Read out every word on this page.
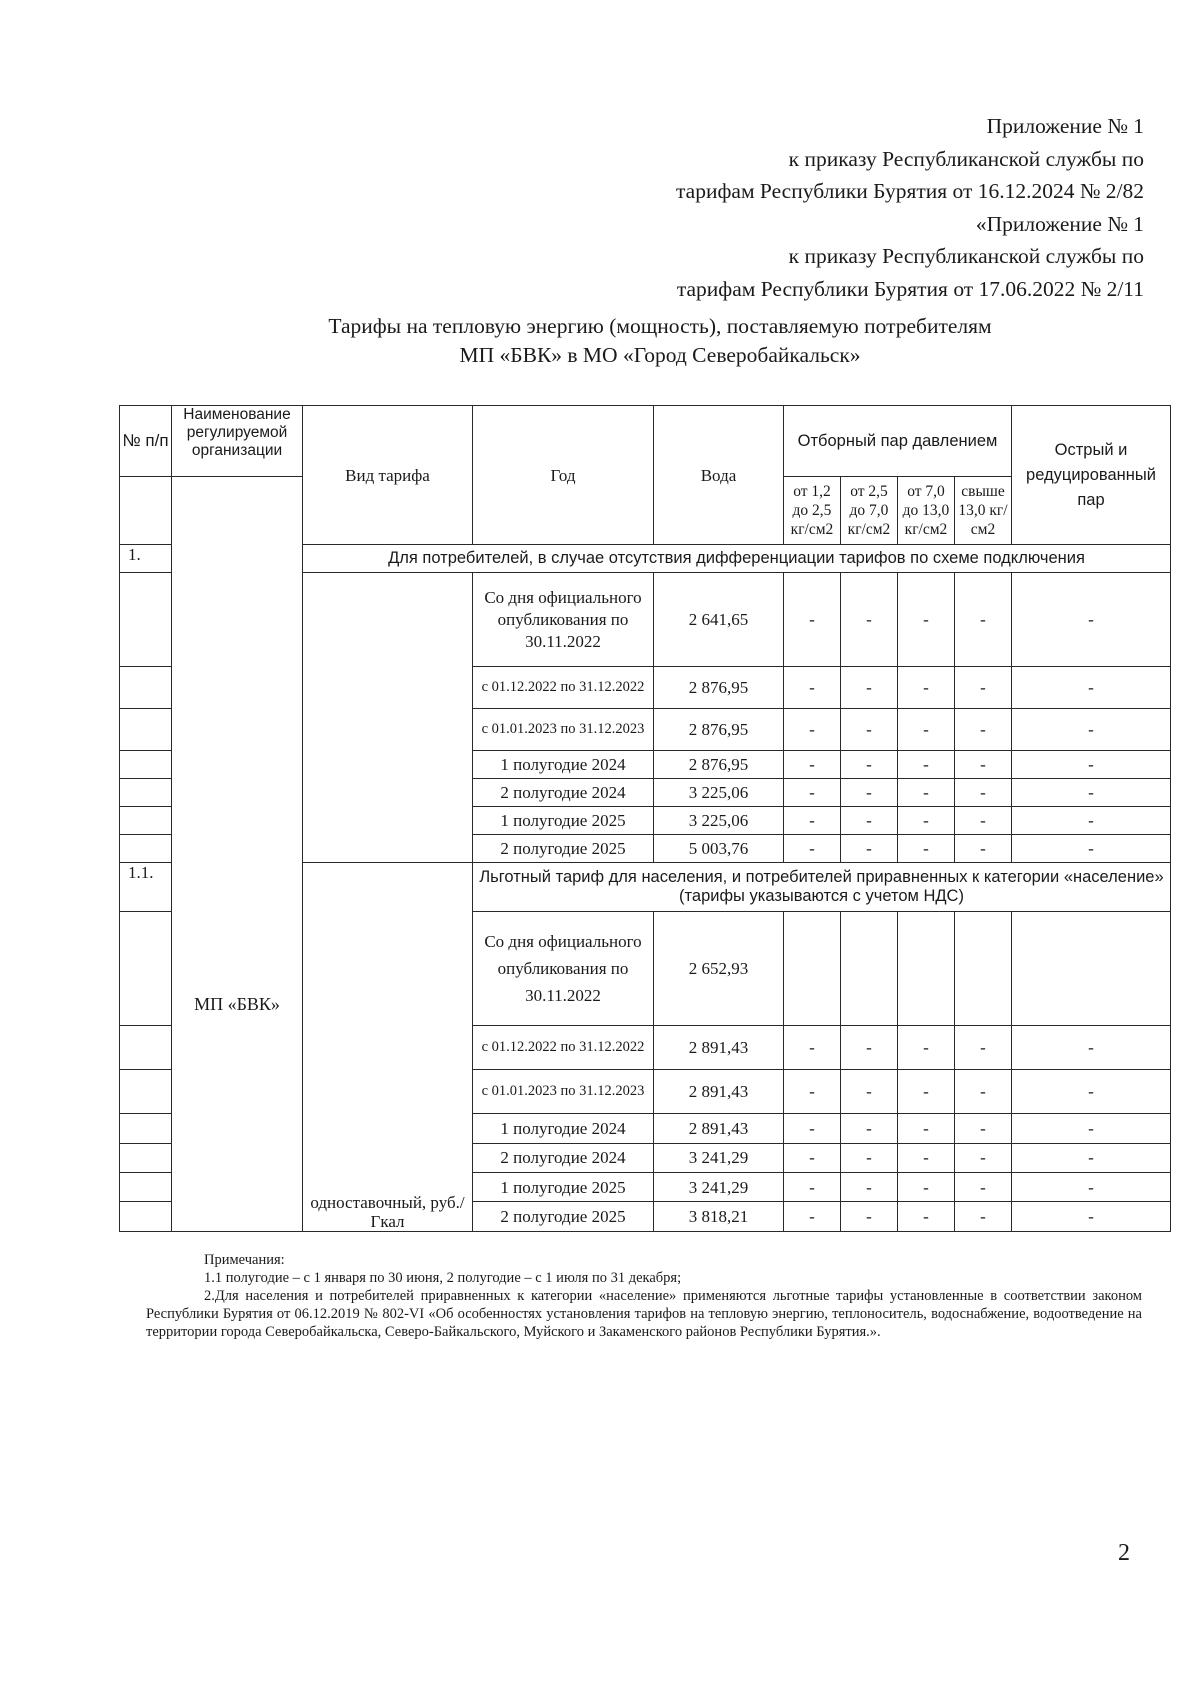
Приложение № 1
к приказу Республиканской службы по
тарифам Республики Бурятия от 16.12.2024 № 2/82
«Приложение № 1
к приказу Республиканской службы по
тарифам Республики Бурятия от 17.06.2022 № 2/11
Тарифы на тепловую энергию (мощность), поставляемую потребителям
МП «БВК» в МО «Город Северобайкальск»
№ п/п	Наименование регулируемой организации	Вид тарифа	Год	Вода	Отборный пар давлением				Острый и редуцированный пар
	МП «БВК»				от 1,2 до 2,5 кг/см2	от 2,5 до 7,0 кг/см2	от 7,0 до 13,0 кг/см2	свыше 13,0 кг/см2	
1.		Для потребителей, в случае отсутствия дифференциации тарифов по схеме подключения							
			Со дня официального опубликования по 30.11.2022	2 641,65	-	-	-	-	-
			с 01.12.2022 по 31.12.2022	2 876,95	-	-	-	-	-
			с 01.01.2023 по 31.12.2023	2 876,95	-	-	-	-	-
			1 полугодие 2024	2 876,95	-	-	-	-	-
			2 полугодие 2024	3 225,06	-	-	-	-	-
			1 полугодие 2025	3 225,06	-	-	-	-	-
			2 полугодие 2025	5 003,76	-	-	-	-	-
1.1.		одноставочный, руб./Гкал	Льготный тариф для населения, и потребителей приравненных к категории «население» (тарифы указываются с учетом НДС)						
			Со дня официального опубликования по 30.11.2022	2 652,93					
			с 01.12.2022 по 31.12.2022	2 891,43	-	-	-	-	-
			с 01.01.2023 по 31.12.2023	2 891,43	-	-	-	-	-
			1 полугодие 2024	2 891,43	-	-	-	-	-
			2 полугодие 2024	3 241,29	-	-	-	-	-
			1 полугодие 2025	3 241,29	-	-	-	-	-
			2 полугодие 2025	3 818,21	-	-	-	-	-

Примечания:

1.1 полугодие – с 1 января по 30 июня, 2 полугодие – с 1 июля по 31 декабря;

2.Для населения и потребителей приравненных к категории «население» применяются льготные тарифы установленные в соответствии законом Республики Бурятия от 06.12.2019 № 802-VI «Об особенностях установления тарифов на тепловую энергию, теплоноситель, водоснабжение, водоотведение на территории города Северобайкальска, Северо-Байкальского, Муйского и Закаменского районов Республики Бурятия.».

2
